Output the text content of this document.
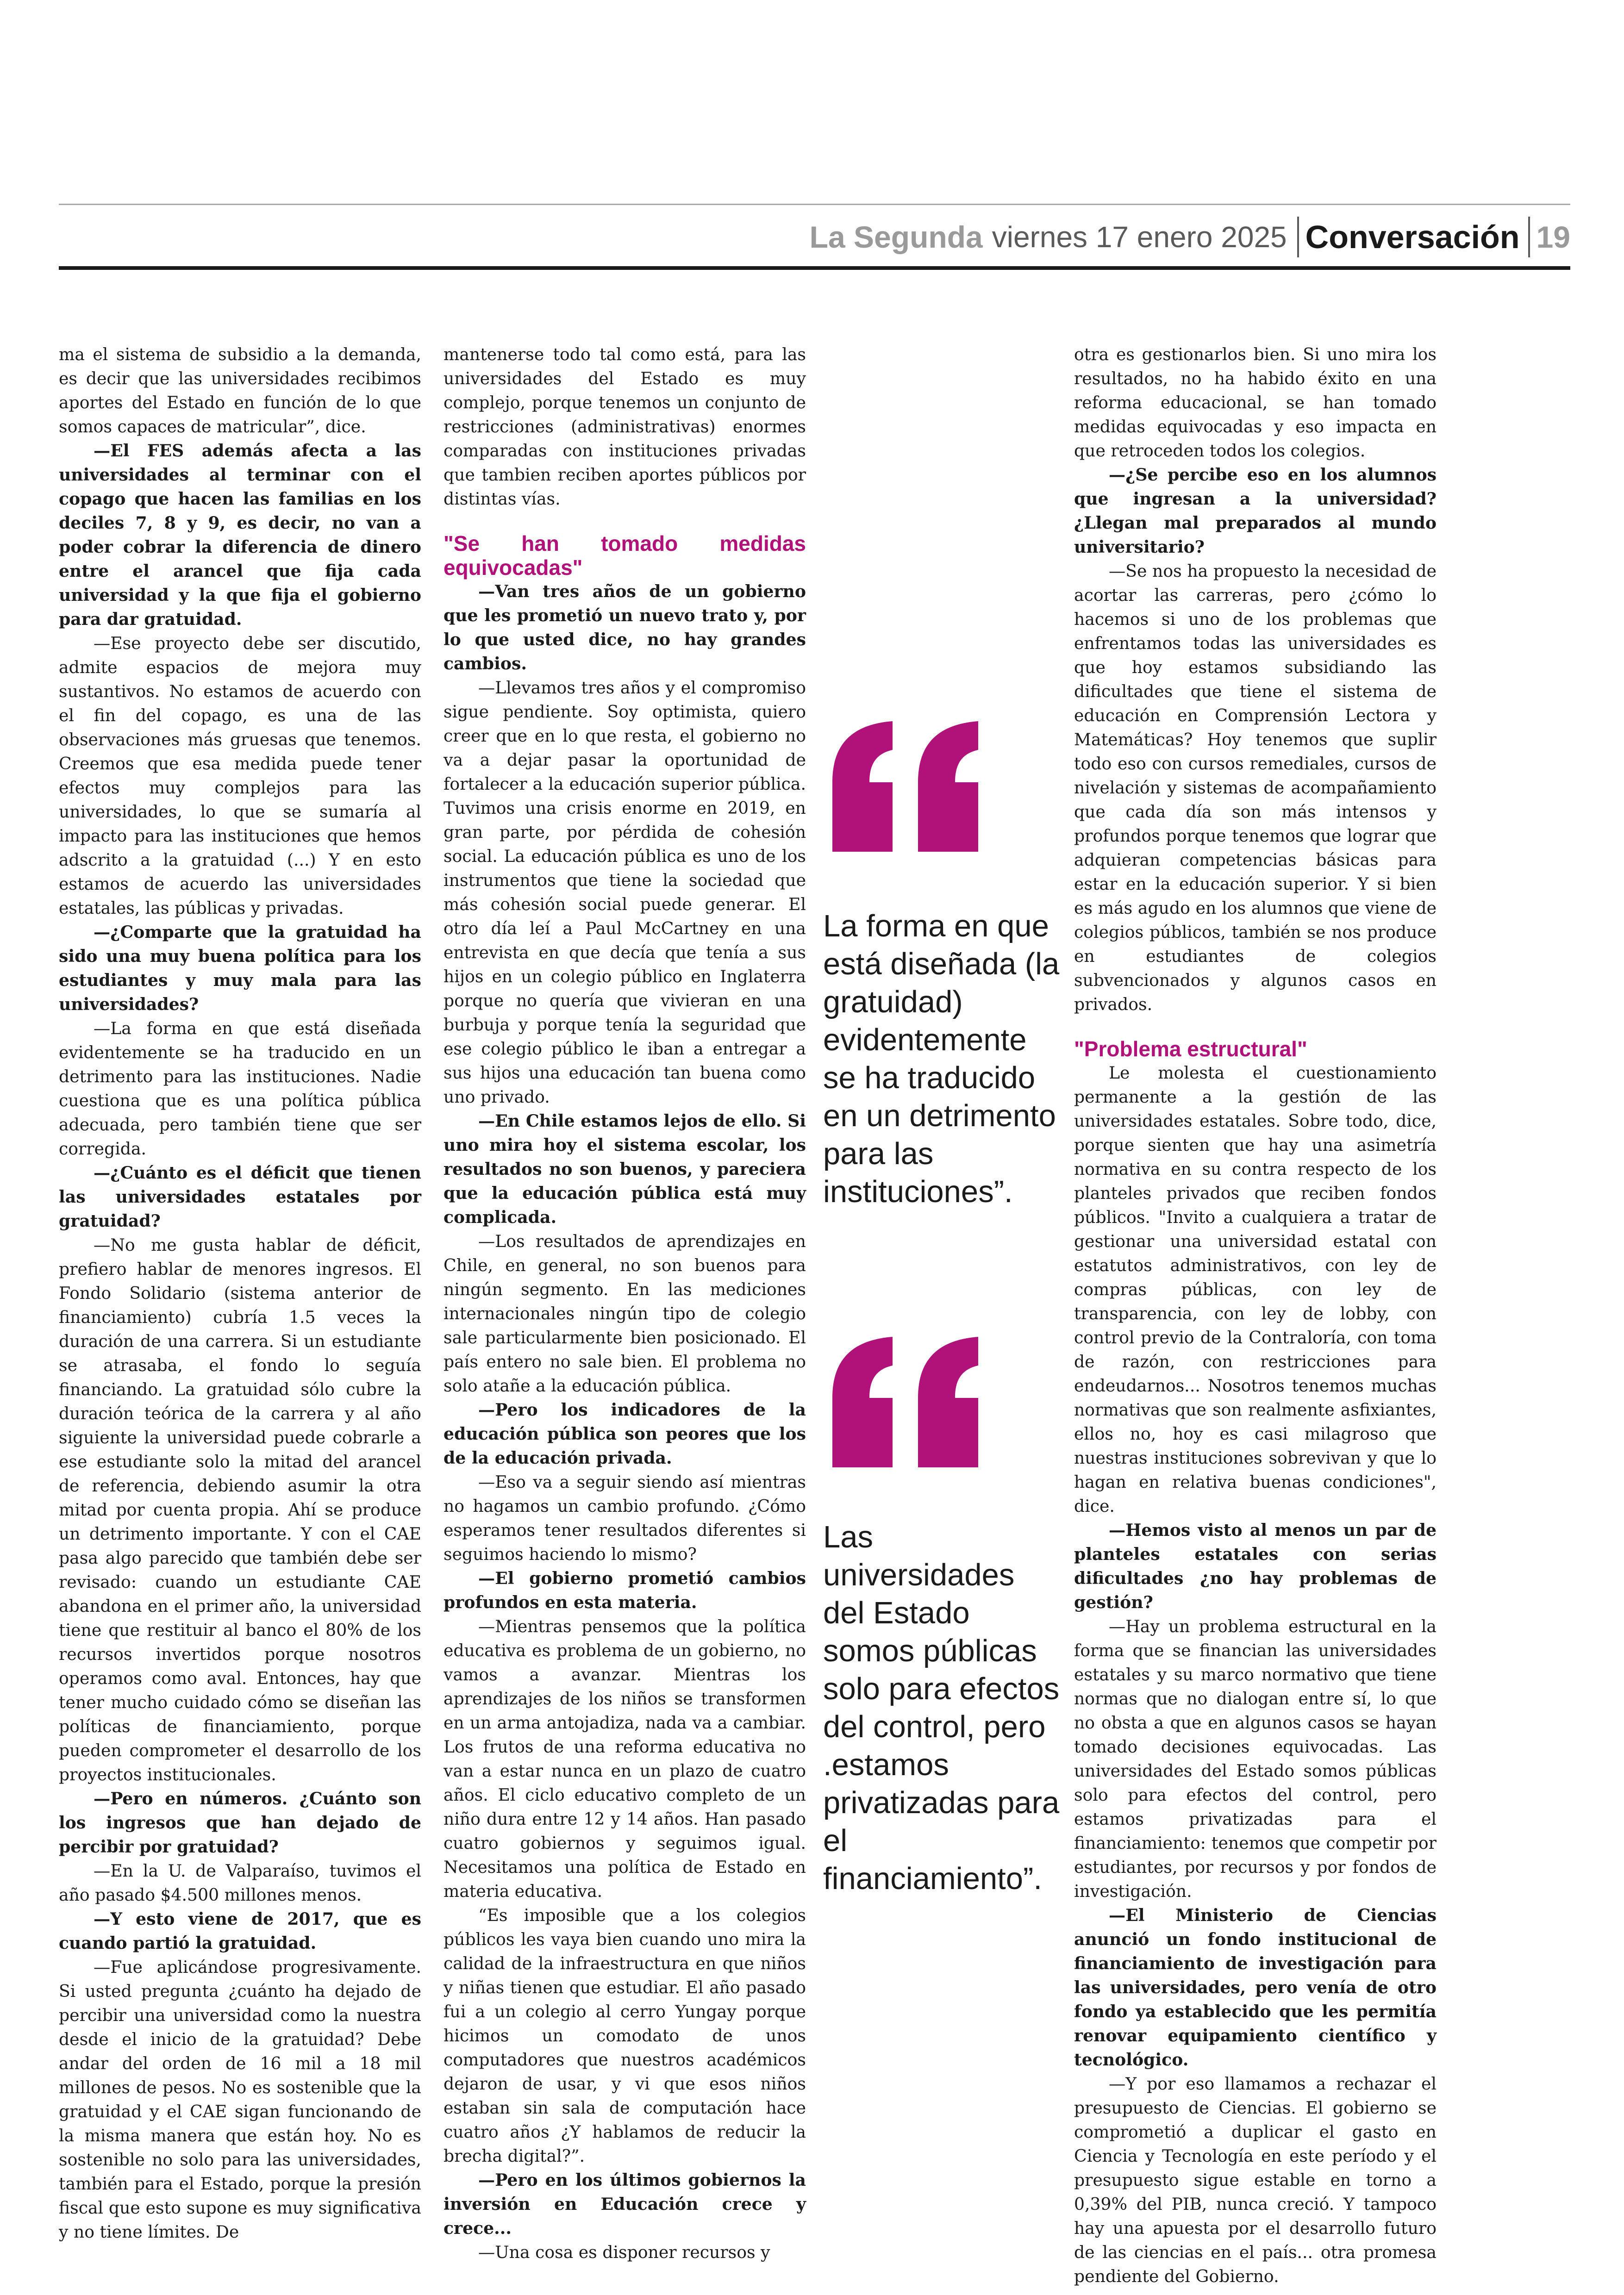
La Segunda viernes 17 enero 2025 Conversación 19

ma el sistema de subsidio a la demanda, es decir que las universidades recibimos aportes del Estado en función de lo que somos capaces de matricular”, dice.

—El FES además afecta a las universidades al terminar con el copago que hacen las familias en los deciles 7, 8 y 9, es decir, no van a poder cobrar la diferencia de dinero entre el arancel que fija cada universidad y la que fija el gobierno para dar gratuidad.

—Ese proyecto debe ser discutido, admite espacios de mejora muy sustantivos. No estamos de acuerdo con el fin del copago, es una de las observaciones más gruesas que tenemos. Creemos que esa medida puede tener efectos muy complejos para las universidades, lo que se sumaría al impacto para las instituciones que hemos adscrito a la gratuidad (...) Y en esto estamos de acuerdo las universidades estatales, las públicas y privadas.

—¿Comparte que la gratuidad ha sido una muy buena política para los estudiantes y muy mala para las universidades?

—La forma en que está diseñada evidentemente se ha traducido en un detrimento para las instituciones. Nadie cuestiona que es una política pública adecuada, pero también tiene que ser corregida.

—¿Cuánto es el déficit que tienen las universidades estatales por gratuidad?

—No me gusta hablar de déficit, prefiero hablar de menores ingresos. El Fondo Solidario (sistema anterior de financiamiento) cubría 1.5 veces la duración de una carrera. Si un estudiante se atrasaba, el fondo lo seguía financiando. La gratuidad sólo cubre la duración teórica de la carrera y al año siguiente la universidad puede cobrarle a ese estudiante solo la mitad del arancel de referencia, debiendo asumir la otra mitad por cuenta propia. Ahí se produce un detrimento importante. Y con el CAE pasa algo parecido que también debe ser revisado: cuando un estudiante CAE abandona en el primer año, la universidad tiene que restituir al banco el 80% de los recursos invertidos porque nosotros operamos como aval. Entonces, hay que tener mucho cuidado cómo se diseñan las políticas de financiamiento, porque pueden comprometer el desarrollo de los proyectos institucionales.

—Pero en números. ¿Cuánto son los ingresos que han dejado de percibir por gratuidad?

—En la U. de Valparaíso, tuvimos el año pasado $4.500 millones menos.

—Y esto viene de 2017, que es cuando partió la gratuidad.

—Fue aplicándose progresivamente. Si usted pregunta ¿cuánto ha dejado de percibir una universidad como la nuestra desde el inicio de la gratuidad? Debe andar del orden de 16 mil a 18 mil millones de pesos. No es sostenible que la gratuidad y el CAE sigan funcionando de la misma manera que están hoy. No es sostenible no solo para las universidades, también para el Estado, porque la presión fiscal que esto supone es muy significativa y no tiene límites. De

mantenerse todo tal como está, para las universidades del Estado es muy complejo, porque tenemos un conjunto de restricciones (administrativas) enormes comparadas con instituciones privadas que tambien reciben aportes públicos por distintas vías.

"Se han tomado medidas equivocadas"

—Van tres años de un gobierno que les prometió un nuevo trato y, por lo que usted dice, no hay grandes cambios.

—Llevamos tres años y el compromiso sigue pendiente. Soy optimista, quiero creer que en lo que resta, el gobierno no va a dejar pasar la oportunidad de fortalecer a la educación superior pública. Tuvimos una crisis enorme en 2019, en gran parte, por pérdida de cohesión social. La educación pública es uno de los instrumentos que tiene la sociedad que más cohesión social puede generar. El otro día leí a Paul McCartney en una entrevista en que decía que tenía a sus hijos en un colegio público en Inglaterra porque no quería que vivieran en una burbuja y porque tenía la seguridad que ese colegio público le iban a entregar a sus hijos una educación tan buena como uno privado.

—En Chile estamos lejos de ello. Si uno mira hoy el sistema escolar, los resultados no son buenos, y pareciera que la educación pública está muy complicada.

—Los resultados de aprendizajes en Chile, en general, no son buenos para ningún segmento. En las mediciones internacionales ningún tipo de colegio sale particularmente bien posicionado. El país entero no sale bien. El problema no solo atañe a la educación pública.

—Pero los indicadores de la educación pública son peores que los de la educación privada.

—Eso va a seguir siendo así mientras no hagamos un cambio profundo. ¿Cómo esperamos tener resultados diferentes si seguimos haciendo lo mismo?

—El gobierno prometió cambios profundos en esta materia.

—Mientras pensemos que la política educativa es problema de un gobierno, no vamos a avanzar. Mientras los aprendizajes de los niños se transformen en un arma antojadiza, nada va a cambiar. Los frutos de una reforma educativa no van a estar nunca en un plazo de cuatro años. El ciclo educativo completo de un niño dura entre 12 y 14 años. Han pasado cuatro gobiernos y seguimos igual. Necesitamos una política de Estado en materia educativa.

“Es imposible que a los colegios públicos les vaya bien cuando uno mira la calidad de la infraestructura en que niños y niñas tienen que estudiar. El año pasado fui a un colegio al cerro Yungay porque hicimos un comodato de unos computadores que nuestros académicos dejaron de usar, y vi que esos niños estaban sin sala de computación hace cuatro años ¿Y hablamos de reducir la brecha digital?”.

—Pero en los últimos gobiernos la inversión en Educación crece y crece...

—Una cosa es disponer recursos y

La forma en que está diseñada (la gratuidad) evidentemente se ha traducido en un detrimento para las instituciones”.
Las universidades del Estado somos públicas solo para efectos del control, pero .estamos privatizadas para el financiamiento”.

otra es gestionarlos bien. Si uno mira los resultados, no ha habido éxito en una reforma educacional, se han tomado medidas equivocadas y eso impacta en que retroceden todos los colegios.

—¿Se percibe eso en los alumnos que ingresan a la universidad? ¿Llegan mal preparados al mundo universitario?

—Se nos ha propuesto la necesidad de acortar las carreras, pero ¿cómo lo hacemos si uno de los problemas que enfrentamos todas las universidades es que hoy estamos subsidiando las dificultades que tiene el sistema de educación en Comprensión Lectora y Matemáticas? Hoy tenemos que suplir todo eso con cursos remediales, cursos de nivelación y sistemas de acompañamiento que cada día son más intensos y profundos porque tenemos que lograr que adquieran competencias básicas para estar en la educación superior. Y si bien es más agudo en los alumnos que viene de colegios públicos, también se nos produce en estudiantes de colegios subvencionados y algunos casos en privados.

"Problema estructural"

Le molesta el cuestionamiento permanente a la gestión de las universidades estatales. Sobre todo, dice, porque sienten que hay una asimetría normativa en su contra respecto de los planteles privados que reciben fondos públicos. "Invito a cualquiera a tratar de gestionar una universidad estatal con estatutos administrativos, con ley de compras públicas, con ley de transparencia, con ley de lobby, con control previo de la Contraloría, con toma de razón, con restricciones para endeudarnos... Nosotros tenemos muchas normativas que son realmente asfixiantes, ellos no, hoy es casi milagroso que nuestras instituciones sobrevivan y que lo hagan en relativa buenas condiciones", dice.

—Hemos visto al menos un par de planteles estatales con serias dificultades ¿no hay problemas de gestión?

—Hay un problema estructural en la forma que se financian las universidades estatales y su marco normativo que tiene normas que no dialogan entre sí, lo que no obsta a que en algunos casos se hayan tomado decisiones equivocadas. Las universidades del Estado somos públicas solo para efectos del control, pero estamos privatizadas para el financiamiento: tenemos que competir por estudiantes, por recursos y por fondos de investigación.

—El Ministerio de Ciencias anunció un fondo institucional de financiamiento de investigación para las universidades, pero venía de otro fondo ya establecido que les permitía renovar equipamiento científico y tecnológico.

—Y por eso llamamos a rechazar el presupuesto de Ciencias. El gobierno se comprometió a duplicar el gasto en Ciencia y Tecnología en este período y el presupuesto sigue estable en torno a 0,39% del PIB, nunca creció. Y tampoco hay una apuesta por el desarrollo futuro de las ciencias en el país... otra promesa pendiente del Gobierno.
